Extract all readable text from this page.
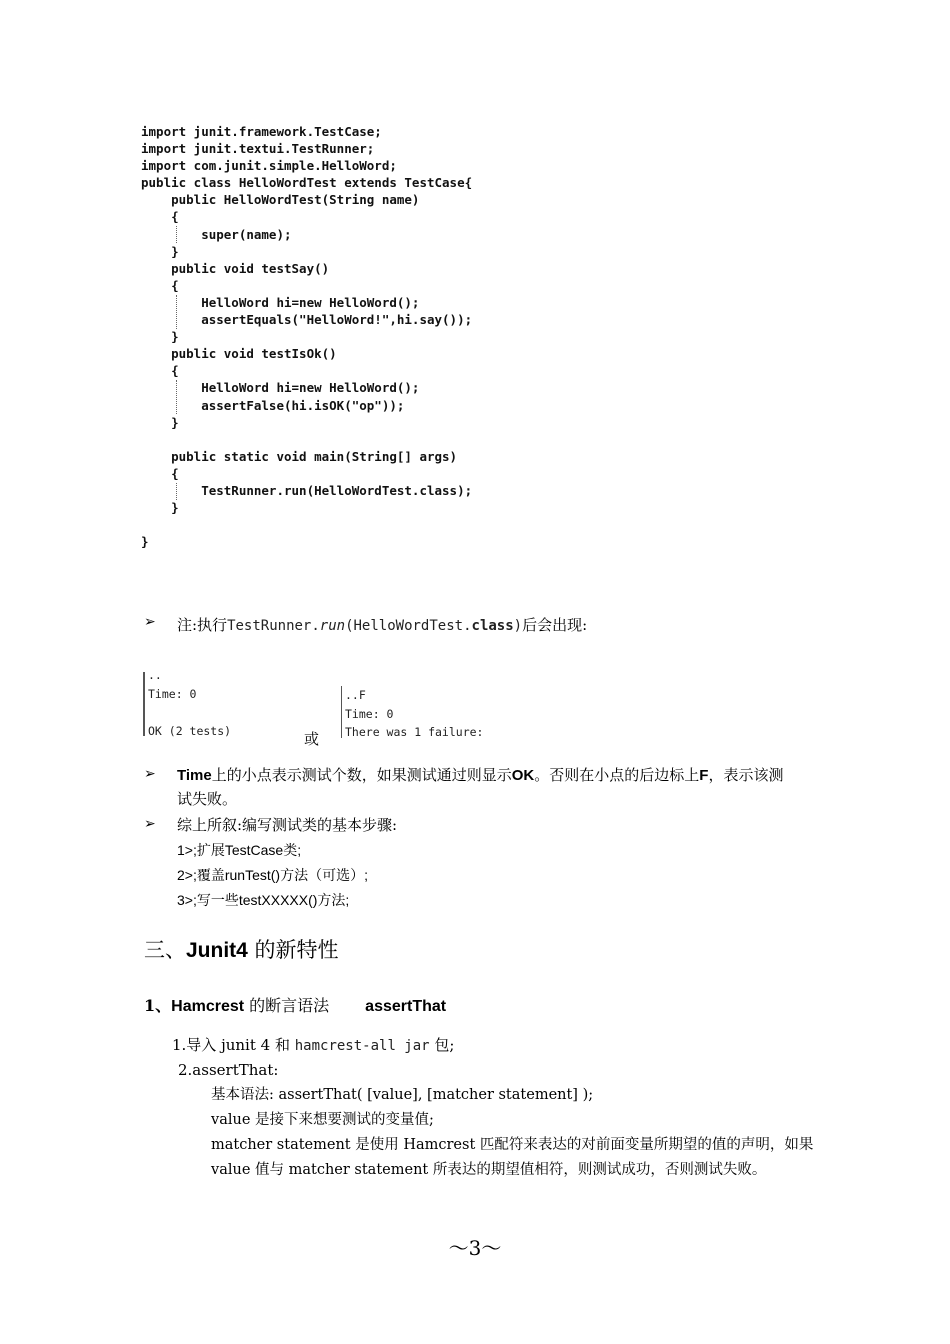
import junit.framework.TestCase;
import junit.textui.TestRunner;
import com.junit.simple.HelloWord;
public class HelloWordTest extends TestCase{
public HelloWordTest(String name)
{
super(name);
}
public void testSay()
{
HelloWord hi=new HelloWord();
assertEquals("HelloWord!",hi.say());
}
public void testIsOk()
{
HelloWord hi=new HelloWord();
assertFalse(hi.isOK("op"));
}

public static void main(String[] args)
{
TestRunner.run(HelloWordTest.class);
}

}
➢ 注:执行TestRunner.run(HelloWordTest.class)后会出现:
..
Time: 0

OK (2 tests)	或
..F
Time: 0
There was 1 failure:
➢ Time上的小点表示测试个数，如果测试通过则显示OK。否则在小点的后边标上F，表示该测
试失败。
➢ 综上所叙:编写测试类的基本步骤:
1>;扩展TestCase类;
2>;覆盖runTest()方法（可选）;
3>;写一些testXXXXX()方法;
三、Junit4 的新特性
1、Hamcrest 的断言语法 assertThat
1.导入 junit 4 和 hamcrest-all jar 包;
2.assertThat:
基本语法: assertThat( [value], [matcher statement] );
value 是接下来想要测试的变量值;
matcher statement 是使用 Hamcrest 匹配符来表达的对前面变量所期望的值的声明，如果
value 值与 matcher statement 所表达的期望值相符，则测试成功，否则测试失败。
～3～
